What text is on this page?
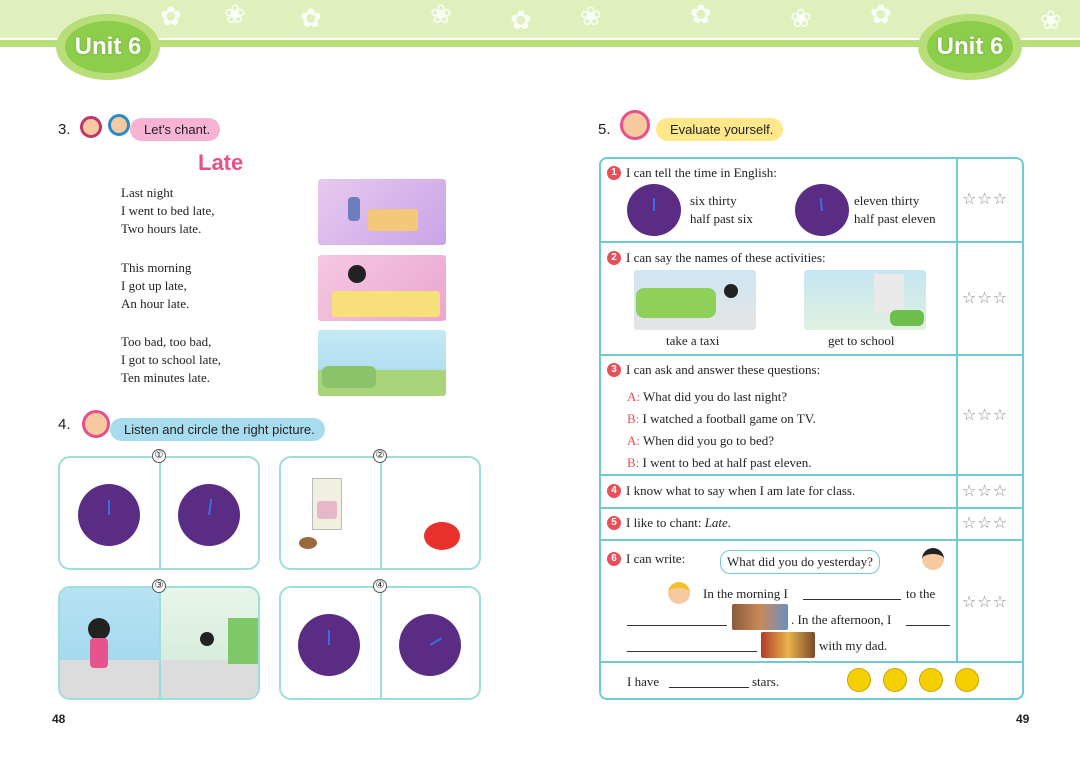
✿ ❀ ✿	❀ ✿ ❀	✿	❀ ✿	❀
Unit 6	Unit 6
3.	Let's chant.
Late
Last night
I went to bed late,
Two hours late.
This morning
I got up late,
An hour late.
Too bad, too bad,
I got to school late,
Ten minutes late.
4.	Listen and circle the right picture.
①	②
③	④
48
5.	Evaluate yourself.
1 I can tell the time in English:
six thirty
half past six
eleven thirty
half past eleven
☆☆☆
2 I can say the names of these activities:
take a taxi	get to school
☆☆☆
3 I can ask and answer these questions:
A: What did you do last night?
B: I watched a football game on TV.
A: When did you go to bed?
B: I went to bed at half past eleven.
☆☆☆
4 I know what to say when I am late for class.	☆☆☆
5 I like to chant: Late.	☆☆☆
6 I can write:	What did you do yesterday?
In the morning I	to the
. In the afternoon, I
with my dad.
☆☆☆
I have	stars.
49
